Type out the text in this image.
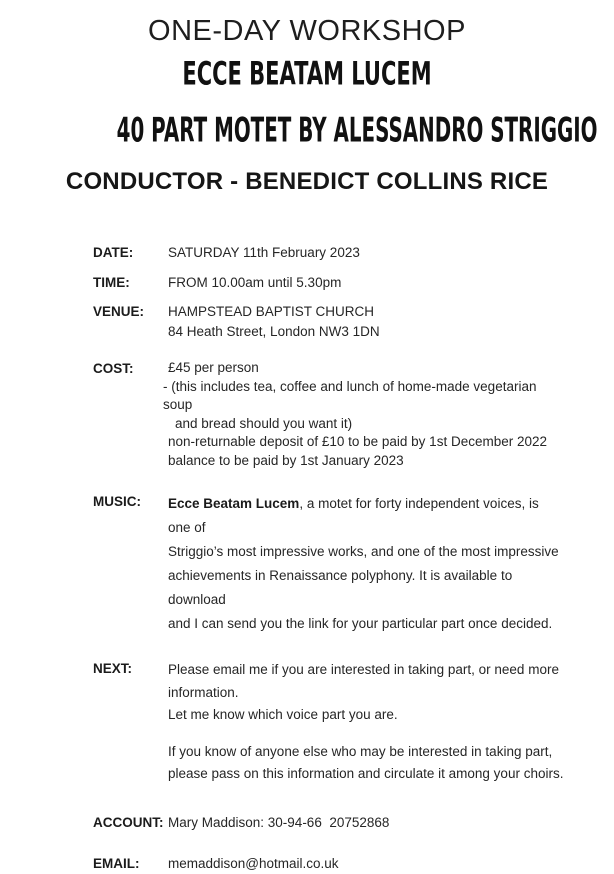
ONE-DAY WORKSHOP
ECCE BEATAM LUCEM
40 PART MOTET BY ALESSANDRO STRIGGIO
CONDUCTOR - BENEDICT COLLINS RICE
DATE:	SATURDAY 11th February 2023
TIME:	FROM 10.00am until 5.30pm
VENUE:	HAMPSTEAD BAPTIST CHURCH
84 Heath Street, London NW3 1DN
COST:	£45 per person
- (this includes tea, coffee and lunch of home-made vegetarian soup
and bread should you want it)
non-returnable deposit of £10 to be paid by 1st December 2022
balance to be paid by 1st January 2023
MUSIC:	Ecce Beatam Lucem, a motet for forty independent voices, is one of
Striggio’s most impressive works, and one of the most impressive
achievements in Renaissance polyphony. It is available to download
and I can send you the link for your particular part once decided.
NEXT:	Please email me if you are interested in taking part, or need more
information.
Let me know which voice part you are.
If you know of anyone else who may be interested in taking part,
please pass on this information and circulate it among your choirs.
ACCOUNT: Mary Maddison: 30-94-66  20752868
EMAIL:	memaddison@hotmail.co.uk
